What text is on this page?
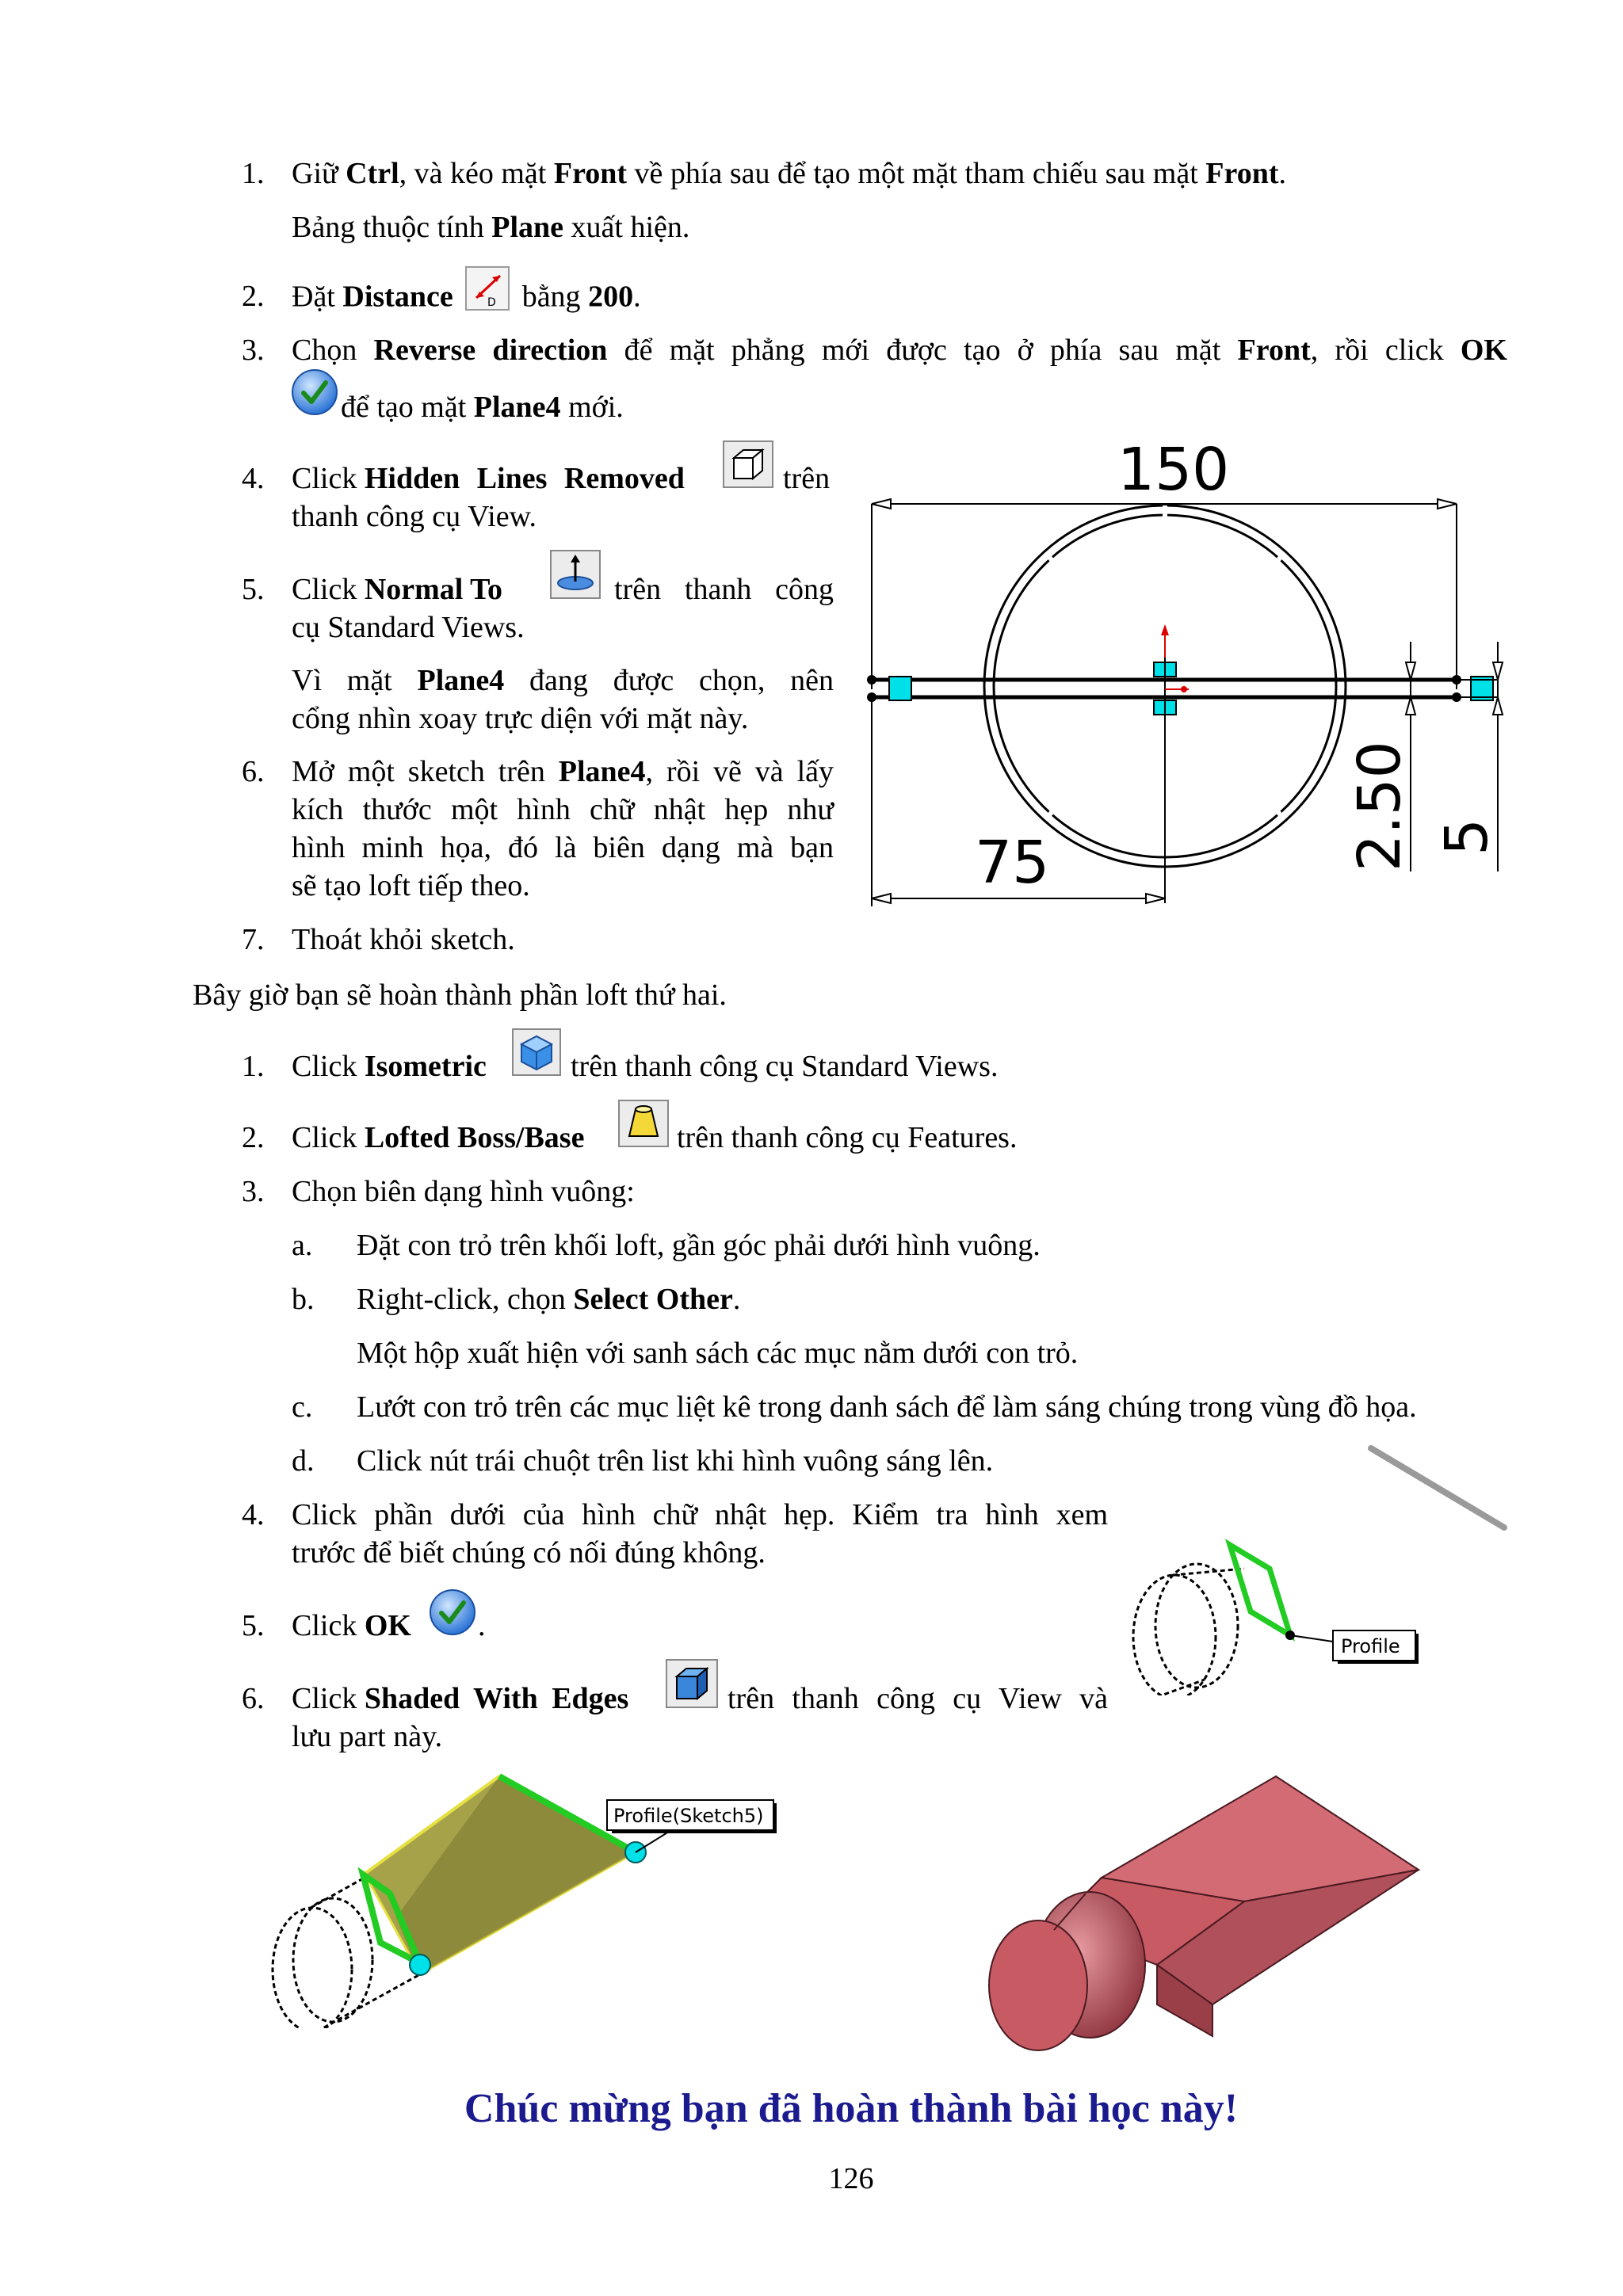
1. Giữ Ctrl, và kéo mặt Front về phía sau để tạo một mặt tham chiếu sau mặt Front.
Bảng thuộc tính Plane xuất hiện.
2. Đặt Distance	D bằng 200.
3. Chọn Reverse direction để mặt phẳng mới được tạo ở phía sau mặt Front, rồi click OK
để tạo mặt Plane4 mới.
4. Click Hidden Lines Removed	trên
thanh công cụ View.
5. Click Normal To	trên thanh công
cụ Standard Views.
Vì mặt Plane4 đang được chọn, nên
cổng nhìn xoay trực diện với mặt này.
6. Mở một sketch trên Plane4, rồi vẽ và lấy
kích thước một hình chữ nhật hẹp như
hình minh họa, đó là biên dạng mà bạn
sẽ tạo loft tiếp theo.
7. Thoát khỏi sketch.
150
75	2.50 5
Bây giờ bạn sẽ hoàn thành phần loft thứ hai.
1. Click Isometric	trên thanh công cụ Standard Views.
2. Click Lofted Boss/Base	trên thanh công cụ Features.
3. Chọn biên dạng hình vuông:
a. Đặt con trỏ trên khối loft, gần góc phải dưới hình vuông.
b. Right-click, chọn Select Other.
Một hộp xuất hiện với sanh sách các mục nằm dưới con trỏ.
c. Lướt con trỏ trên các mục liệt kê trong danh sách để làm sáng chúng trong vùng đồ họa.
d. Click nút trái chuột trên list khi hình vuông sáng lên.
4. Click phần dưới của hình chữ nhật hẹp. Kiểm tra hình xem
trước để biết chúng có nối đúng không.
5. Click OK .
6. Click Shaded With Edges	trên thanh công cụ View và
lưu part này.
Profile
Profile(Sketch5)
Chúc mừng bạn đã hoàn thành bài học này!
126
